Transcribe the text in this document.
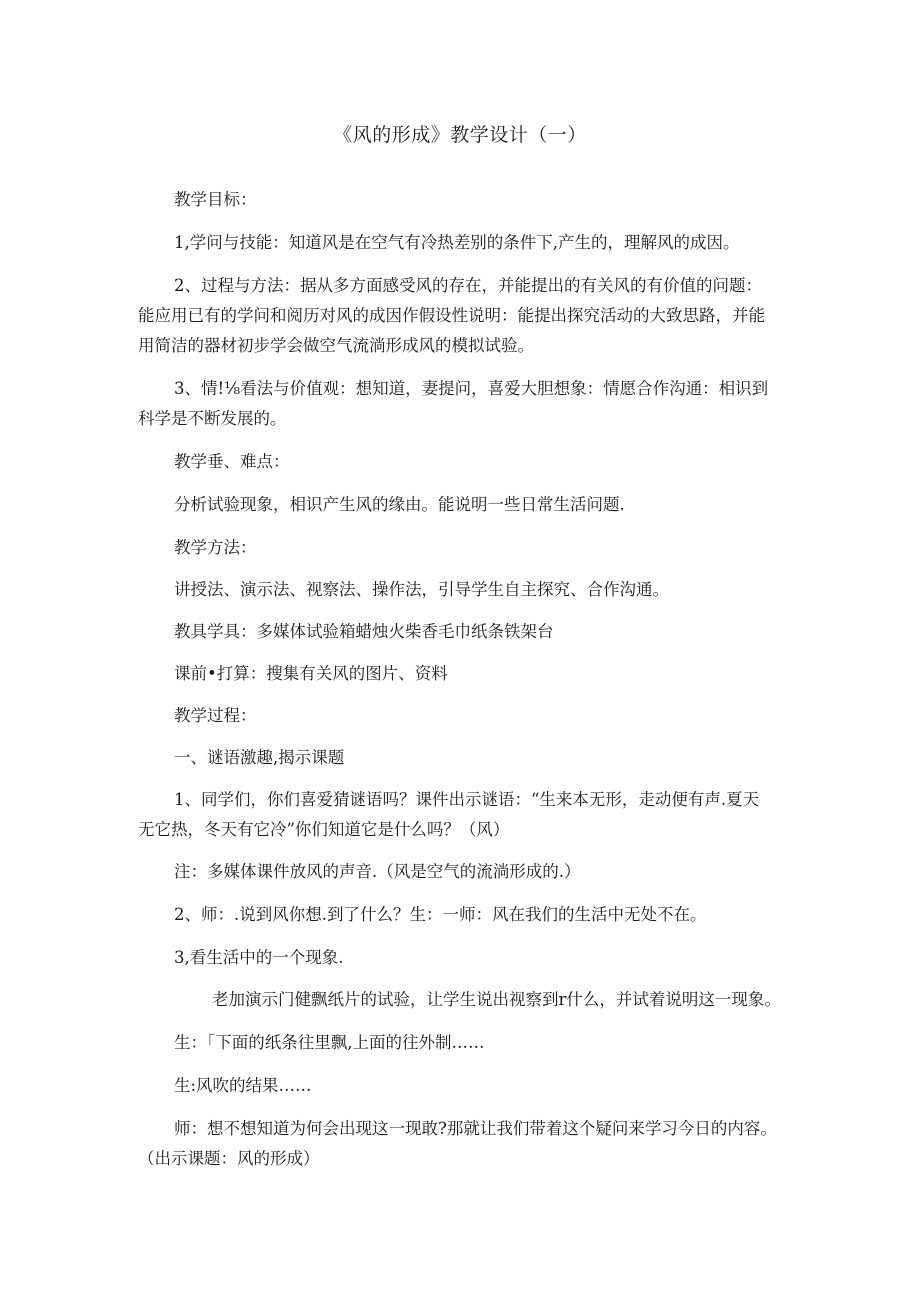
《风的形成》教学设计（一）
教学目标：
1,学问与技能：知道风是在空气有冷热差别的条件下,产生的，理解风的成因。
2、过程与方法：据从多方面感受风的存在，并能提出的有关风的有价值的问题：
能应用已有的学问和阅历对风的成因作假设性说明：能提出探究活动的大致思路，并能
用简洁的器材初步学会做空气流淌形成风的模拟试验。
3、情!⅛看法与价值观：想知道，妻提问，喜爱大胆想象：情愿合作沟通：相识到
科学是不断发展的。
教学垂、难点：
分析试验现象，相识产生风的缘由。能说明一些日常生活问题.
教学方法：
讲授法、演示法、视察法、操作法，引导学生自主探究、合作沟通。
教具学具：多媒体试验箱蜡烛火柴香毛巾纸条铁架台
课前•打算：搜集有关风的图片、资料
教学过程：
一、谜语激趣,揭示课题
1、同学们，你们喜爱猜谜语吗？课件出示谜语：“生来本无形，走动便有声.夏天
无它热，冬天有它冷”你们知道它是什么吗？（风）
注：多媒体课件放风的声音.（风是空气的流淌形成的.）
2、师：.说到风你想.到了什么？生：一师：风在我们的生活中无处不在。
3,看生活中的一个现象.
老加演示门健飘纸片的试验，让学生说出视察到r什么，并试着说明这一现象。
生：「下面的纸条往里飘,上面的往外制……
生:风吹的结果……
师：想不想知道为何会出现这一现敢?那就让我们带着这个疑问来学习今日的内容。
（出示课题：风的形成）
